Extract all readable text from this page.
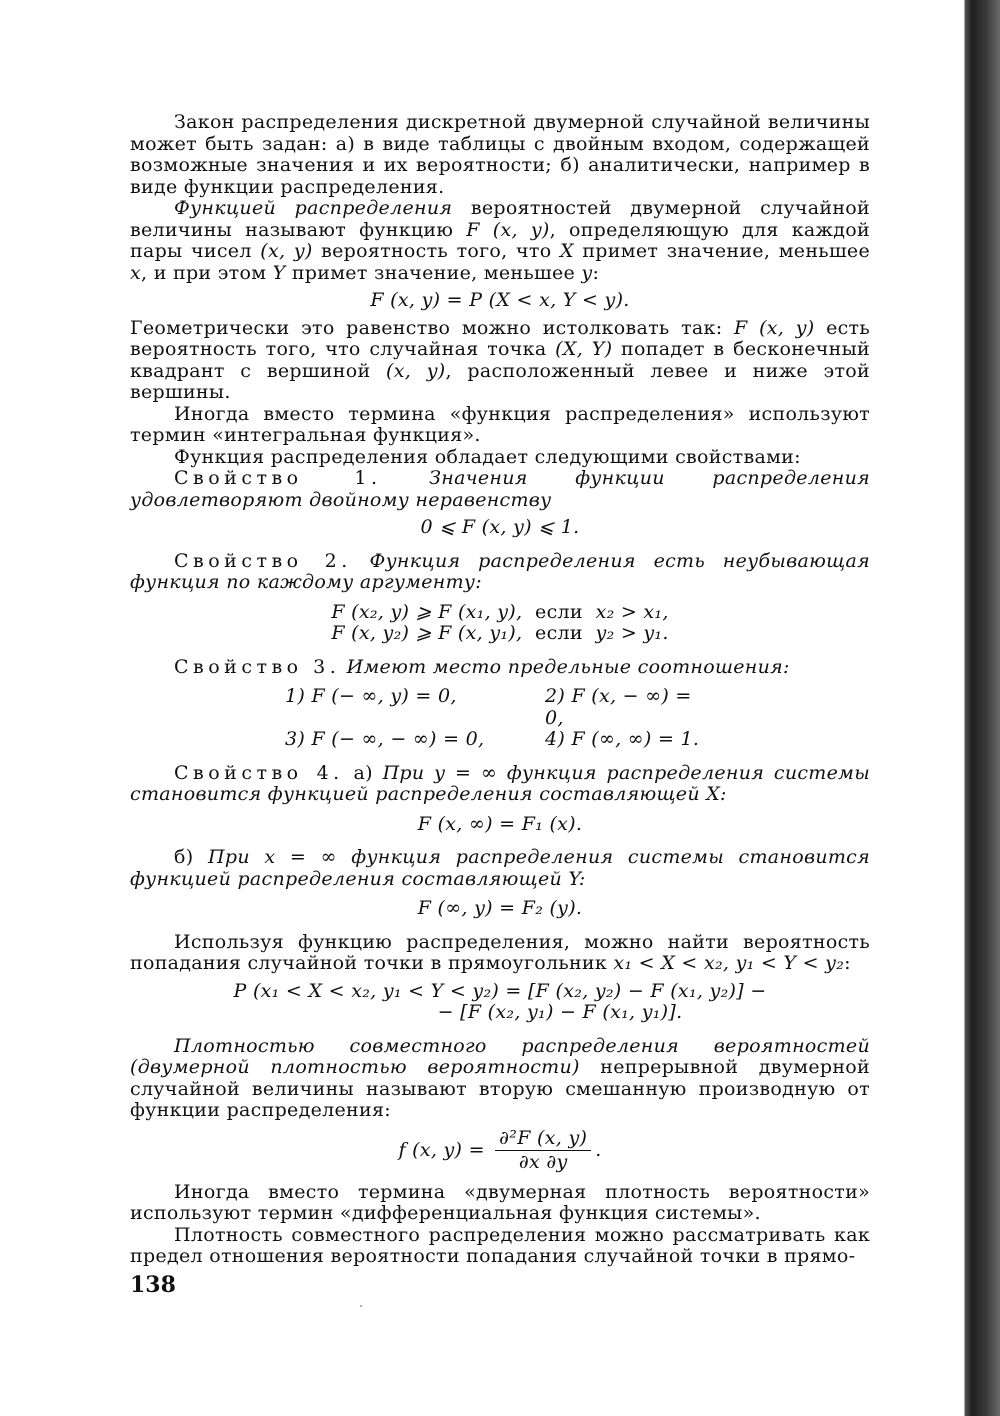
Закон распределения дискретной двумерной случайной величины может быть задан: а) в виде таблицы с двойным входом, содержащей возможные значения и их вероятности; б) аналитически, например в виде функции распределения.

Функцией распределения вероятностей двумерной случайной величины называют функцию F (x, y), определяющую для каждой пары чисел (x, y) вероятность того, что X примет значение, меньшее x, и при этом Y примет значение, меньшее y:

F (x, y) = P (X < x, Y < y).

Геометрически это равенство можно истолковать так: F (x, y) есть вероятность того, что случайная точка (X, Y) попадет в бесконечный квадрант с вершиной (x, y), расположенный левее и ниже этой вершины.

Иногда вместо термина «функция распределения» используют термин «интегральная функция».

Функция распределения обладает следующими свойствами:

Свойство 1. Значения функции распределения удовлетворяют двойному неравенству

0 ⩽ F (x, y) ⩽ 1.

Свойство 2. Функция распределения есть неубывающая функция по каждому аргументу:

F (x₂, y) ⩾ F (x₁, y), если x₂ > x₁,
F (x, y₂) ⩾ F (x, y₁), если y₂ > y₁.

Свойство 3. Имеют место предельные соотношения:

1) F (− ∞, y) = 0,	2) F (x, − ∞) = 0,
3) F (− ∞, − ∞) = 0,	4) F (∞, ∞) = 1.

Свойство 4. а) При y = ∞ функция распределения системы становится функцией распределения составляющей X:

F (x, ∞) = F₁ (x).

б) При x = ∞ функция распределения системы становится функцией распределения составляющей Y:

F (∞, y) = F₂ (y).

Используя функцию распределения, можно найти вероятность попадания случайной точки в прямоугольник x₁ < X < x₂, y₁ < Y < y₂:

P (x₁ < X < x₂, y₁ < Y < y₂) = [F (x₂, y₂) − F (x₁, y₂)] −
− [F (x₂, y₁) − F (x₁, y₁)].

Плотностью совместного распределения вероятностей (двумерной плотностью вероятности) непрерывной двумерной случайной величины называют вторую смешанную производную от функции распределения:

f (x, $y) = \frac{\text{∂²F (x, y)}}{\partial x \partial y}$ .

Иногда вместо термина «двумерная плотность вероятности» используют термин «дифференциальная функция системы».

Плотность совместного распределения можно рассматривать как предел отношения вероятности попадания случайной точки в прямо-

138
